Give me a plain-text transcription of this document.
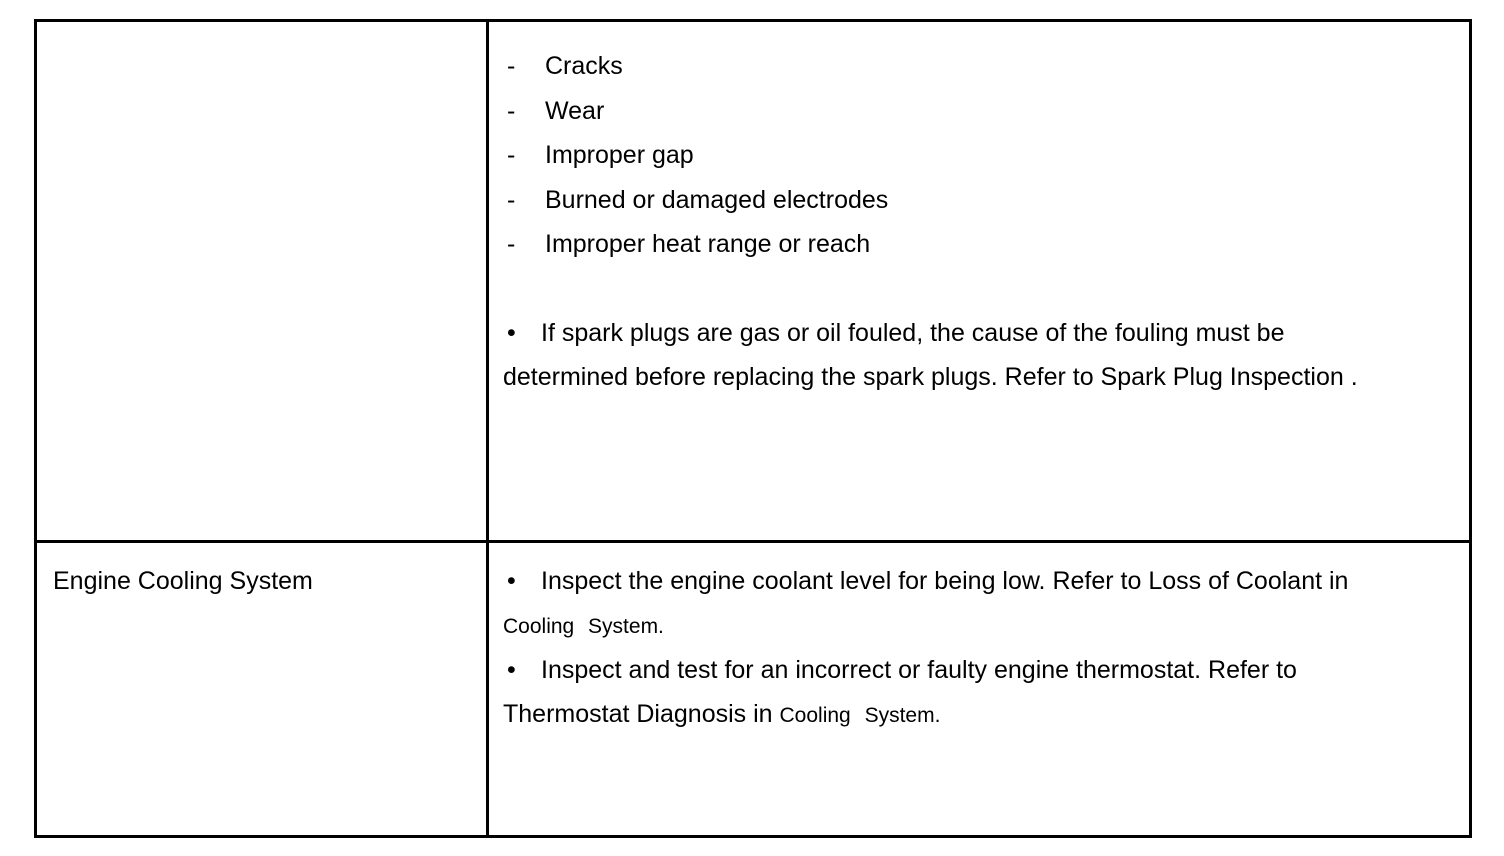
- Cracks
- Wear
- Improper gap
- Burned or damaged electrodes
- Improper heat range or reach

• If spark plugs are gas or oil fouled, the cause of the fouling must be determined before replacing the spark plugs. Refer to Spark Plug Inspection .

Engine Cooling System	• Inspect the engine coolant level for being low. Refer to Loss of Coolant in Cooling System.

• Inspect and test for an incorrect or faulty engine thermostat. Refer to Thermostat Diagnosis in Cooling System.
